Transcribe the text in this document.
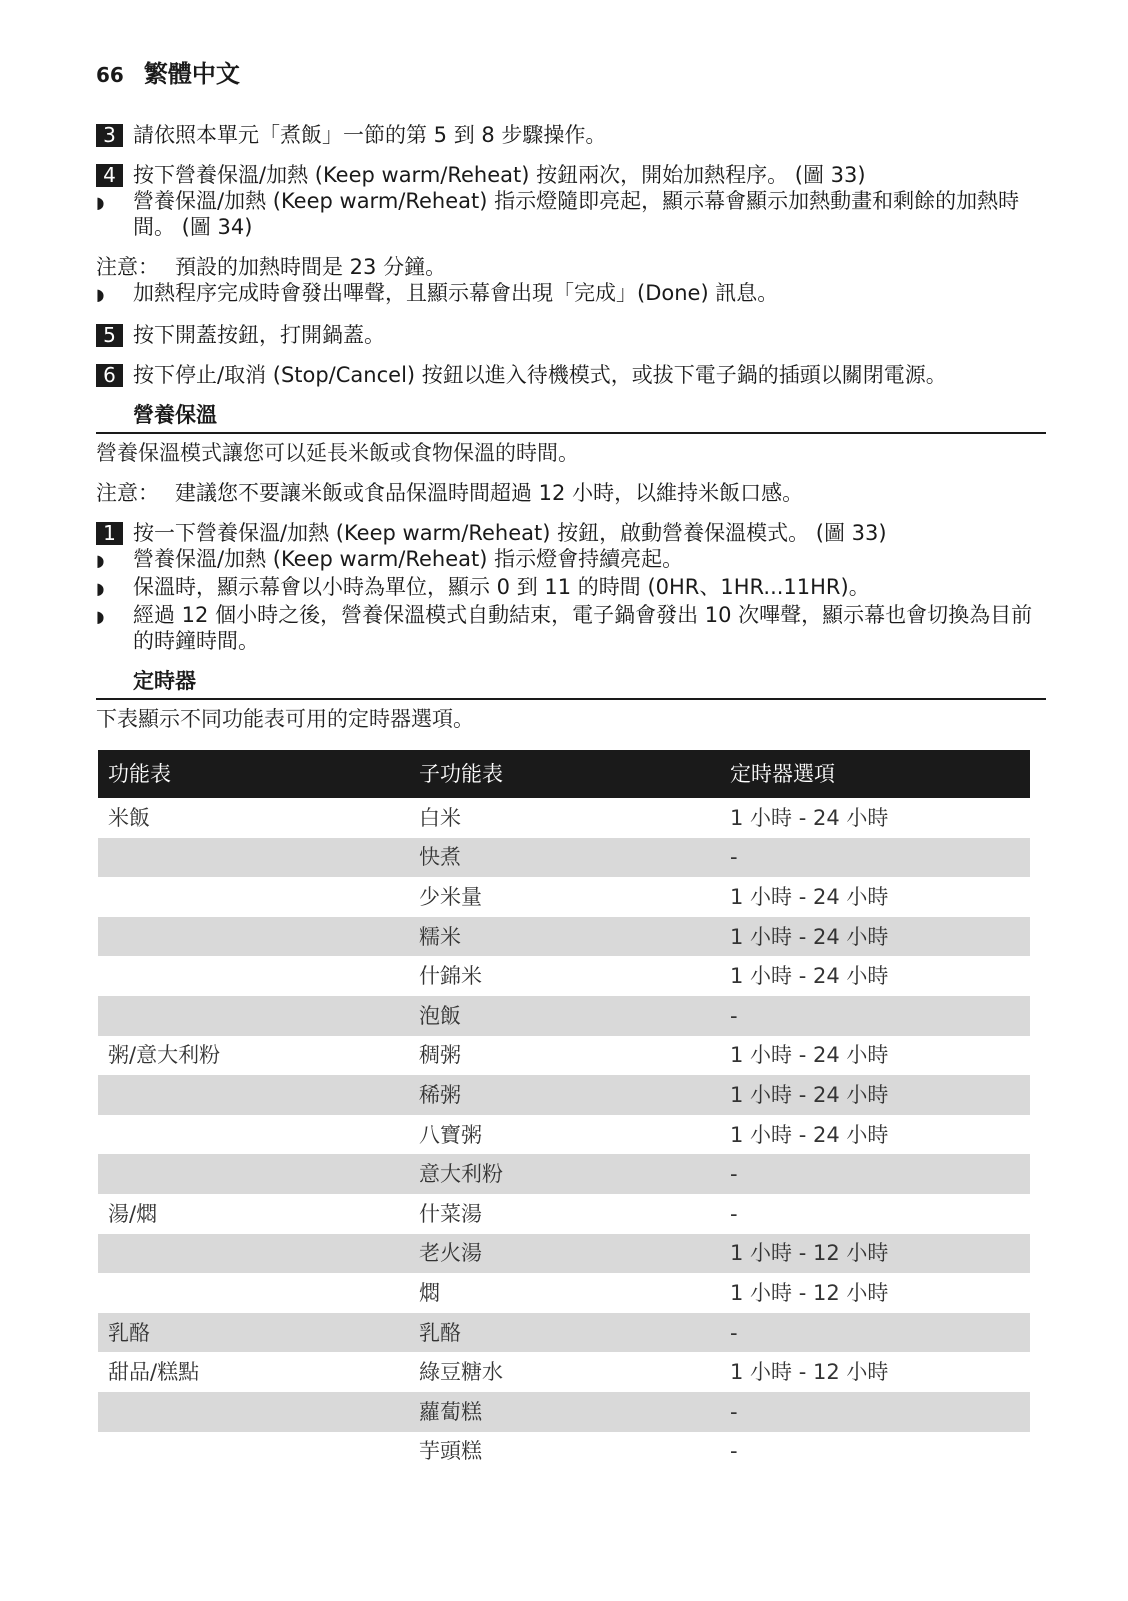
66 繁體中文
3 請依照本單元「煮飯」一節的第 5 到 8 步驟操作。
4 按下營養保溫/加熱 (Keep warm/Reheat) 按鈕兩次，開始加熱程序。 (圖 33)
◗	營養保溫/加熱 (Keep warm/Reheat) 指示燈隨即亮起，顯示幕會顯示加熱動畫和剩餘的加熱時間。 (圖 34)
注意： 預設的加熱時間是 23 分鐘。
◗	加熱程序完成時會發出嗶聲，且顯示幕會出現「完成」(Done) 訊息。
5 按下開蓋按鈕，打開鍋蓋。
6 按下停止/取消 (Stop/Cancel) 按鈕以進入待機模式，或拔下電子鍋的插頭以關閉電源。
營養保溫
營養保溫模式讓您可以延長米飯或食物保溫的時間。
注意： 建議您不要讓米飯或食品保溫時間超過 12 小時，以維持米飯口感。
1 按一下營養保溫/加熱 (Keep warm/Reheat) 按鈕，啟動營養保溫模式。 (圖 33)
◗	營養保溫/加熱 (Keep warm/Reheat) 指示燈會持續亮起。
◗	保溫時，顯示幕會以小時為單位，顯示 0 到 11 的時間 (0HR、1HR...11HR)。
◗	經過 12 個小時之後，營養保溫模式自動結束，電子鍋會發出 10 次嗶聲，顯示幕也會切換為目前的時鐘時間。
定時器
下表顯示不同功能表可用的定時器選項。
功能表	子功能表	定時器選項
米飯	白米	1 小時 - 24 小時
	快煮	-
	少米量	1 小時 - 24 小時
	糯米	1 小時 - 24 小時
	什錦米	1 小時 - 24 小時
	泡飯	-
粥/意大利粉	稠粥	1 小時 - 24 小時
	稀粥	1 小時 - 24 小時
	八寶粥	1 小時 - 24 小時
	意大利粉	-
湯/燜	什菜湯	-
	老火湯	1 小時 - 12 小時
	燜	1 小時 - 12 小時
乳酪	乳酪	-
甜品/糕點	綠豆糖水	1 小時 - 12 小時
	蘿蔔糕	-
	芋頭糕	-
